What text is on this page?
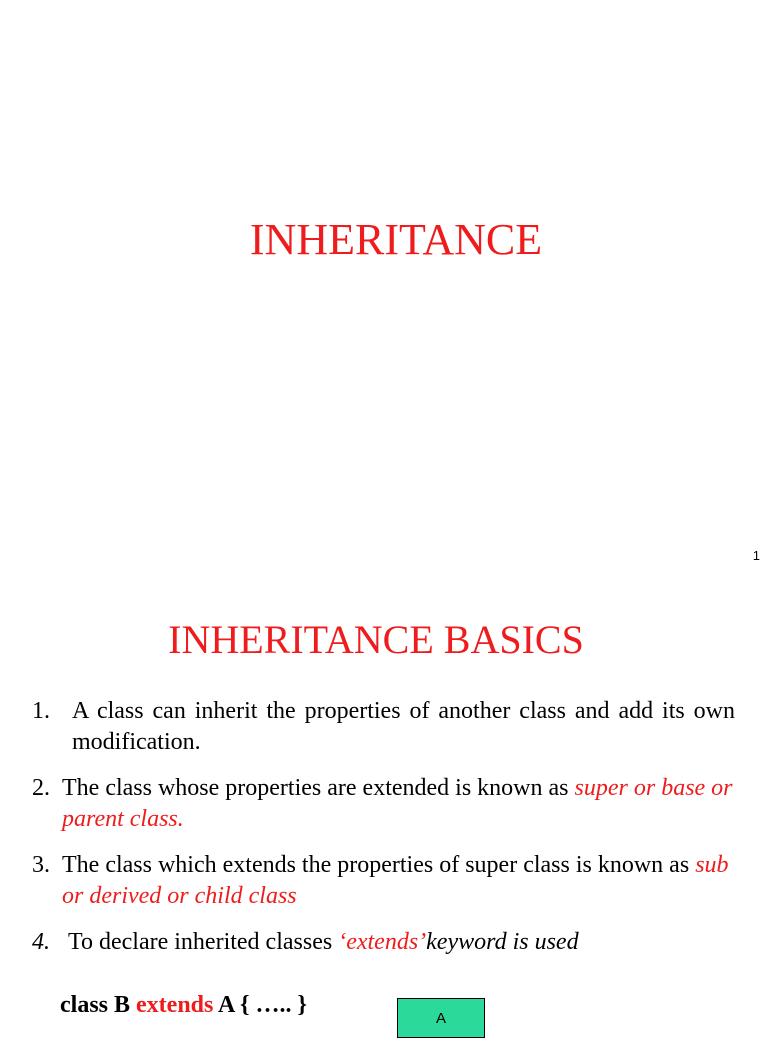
INHERITANCE
1
INHERITANCE BASICS
1. A class can inherit the properties of another class and add its own modification.
2. The class whose properties are extended is known as super or base or parent class.
3. The class which extends the properties of super class is known as sub or derived or child class
4. To declare inherited classes ‘extends’keyword is used
class B extends A { ….. }
A
